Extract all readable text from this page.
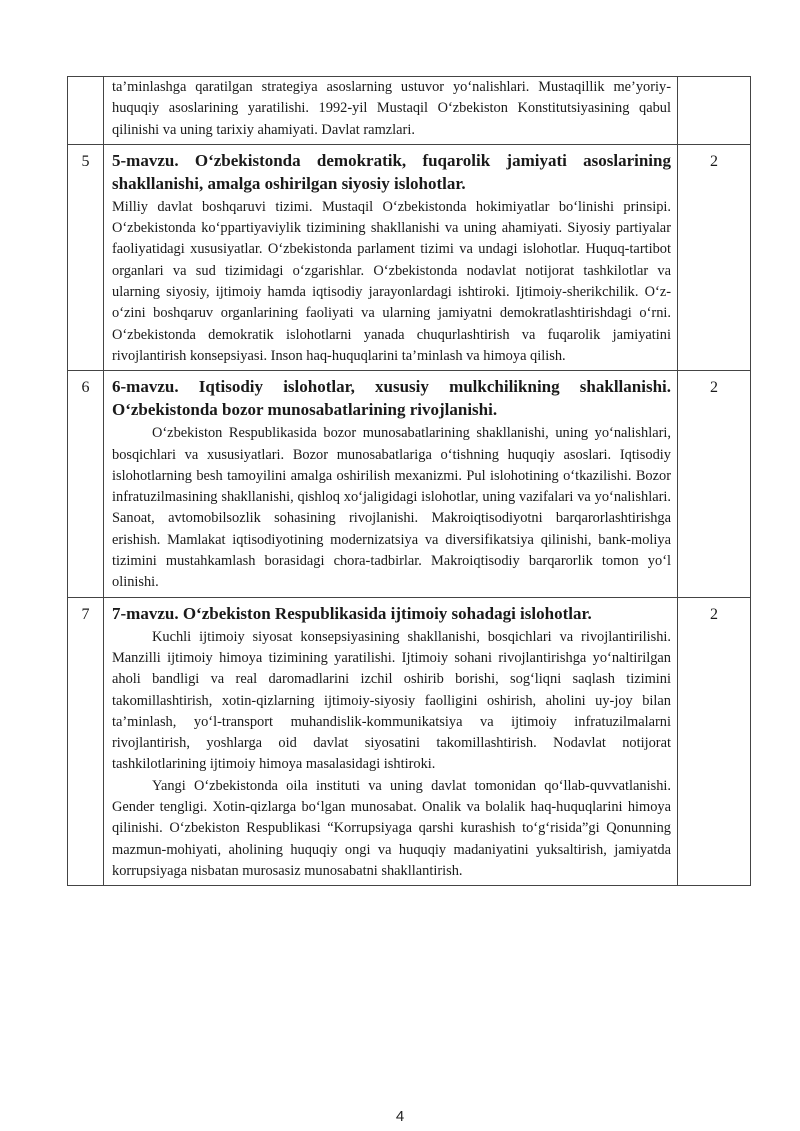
	ta’minlashga qaratilgan strategiya asoslarning ustuvor yo‘nalishlari. Mustaqillik me’yoriy- huquqiy asoslarining yaratilishi. 1992-yil Mustaqil O‘zbekiston Konstitutsiyasining qabul qilinishi va uning tarixiy ahamiyati. Davlat ramzlari.	

5	5-mavzu. O‘zbekistonda demokratik, fuqarolik jamiyati asoslarining shakllanishi, amalga oshirilgan siyosiy islohotlar.

Milliy davlat boshqaruvi tizimi. Mustaqil O‘zbekistonda hokimiyatlar bo‘linishi prinsipi. O‘zbekistonda ko‘ppartiyaviylik tizimining shakllanishi va uning ahamiyati. Siyosiy partiyalar faoliyatidagi xususiyatlar. O‘zbekistonda parlament tizimi va undagi islohotlar. Huquq-tartibot organlari va sud tizimidagi o‘zgarishlar. O‘zbekistonda nodavlat notijorat tashkilotlar va ularning siyosiy, ijtimoiy hamda iqtisodiy jarayonlardagi ishtiroki. Ijtimoiy-sherikchilik. O‘z-o‘zini boshqaruv organlarining faoliyati va ularning jamiyatni demokratlashtirishdagi o‘rni. O‘zbekistonda demokratik islohotlarni yanada chuqurlashtirish va fuqarolik jamiyatini rivojlantirish konsepsiyasi. Inson haq-huquqlarini ta’minlash va himoya qilish.	2
6	6-mavzu. Iqtisodiy islohotlar, xususiy mulkchilikning shakllanishi. O‘zbekistonda bozor munosabatlarining rivojlanishi.

O‘zbekiston Respublikasida bozor munosabatlarining shakllanishi, uning yo‘nalishlari, bosqichlari va xususiyatlari. Bozor munosabatlariga o‘tishning huquqiy asoslari. Iqtisodiy islohotlarning besh tamoyilini amalga oshirilish mexanizmi. Pul islohotining o‘tkazilishi. Bozor infratuzilmasining shakllanishi, qishloq xo‘jaligidagi islohotlar, uning vazifalari va yo‘nalishlari. Sanoat, avtomobilsozlik sohasining rivojlanishi. Makroiqtisodiyotni barqarorlashtirishga erishish. Mamlakat iqtisodiyotining modernizatsiya va diversifikatsiya qilinishi, bank-moliya tizimini mustahkamlash borasidagi chora-tadbirlar. Makroiqtisodiy barqarorlik tomon yo‘l olinishi.	2
7	7-mavzu. O‘zbekiston Respublikasida ijtimoiy sohadagi islohotlar.

Kuchli ijtimoiy siyosat konsepsiyasining shakllanishi, bosqichlari va rivojlantirilishi. Manzilli ijtimoiy himoya tizimining yaratilishi. Ijtimoiy sohani rivojlantirishga yo‘naltirilgan aholi bandligi va real daromadlarini izchil oshirib borishi, sog‘liqni saqlash tizimini takomillashtirish, xotin-qizlarning ijtimoiy-siyosiy faolligini oshirish, aholini uy-joy bilan ta’minlash, yo‘l-transport muhandislik-kommunikatsiya va ijtimoiy infratuzilmalarni rivojlantirish, yoshlarga oid davlat siyosatini takomillashtirish. Nodavlat notijorat tashkilotlarining ijtimoiy himoya masalasidagi ishtiroki.

Yangi O‘zbekistonda oila instituti va uning davlat tomonidan qo‘llab-quvvatlanishi. Gender tengligi. Xotin-qizlarga bo‘lgan munosabat. Onalik va bolalik haq-huquqlarini himoya qilinishi. O‘zbekiston Respublikasi “Korrupsiyaga qarshi kurashish to‘g‘risida”gi Qonunning mazmun-mohiyati, aholining huquqiy ongi va huquqiy madaniyatini yuksaltirish, jamiyatda korrupsiyaga nisbatan murosasiz munosabatni shakllantirish.	2
4
